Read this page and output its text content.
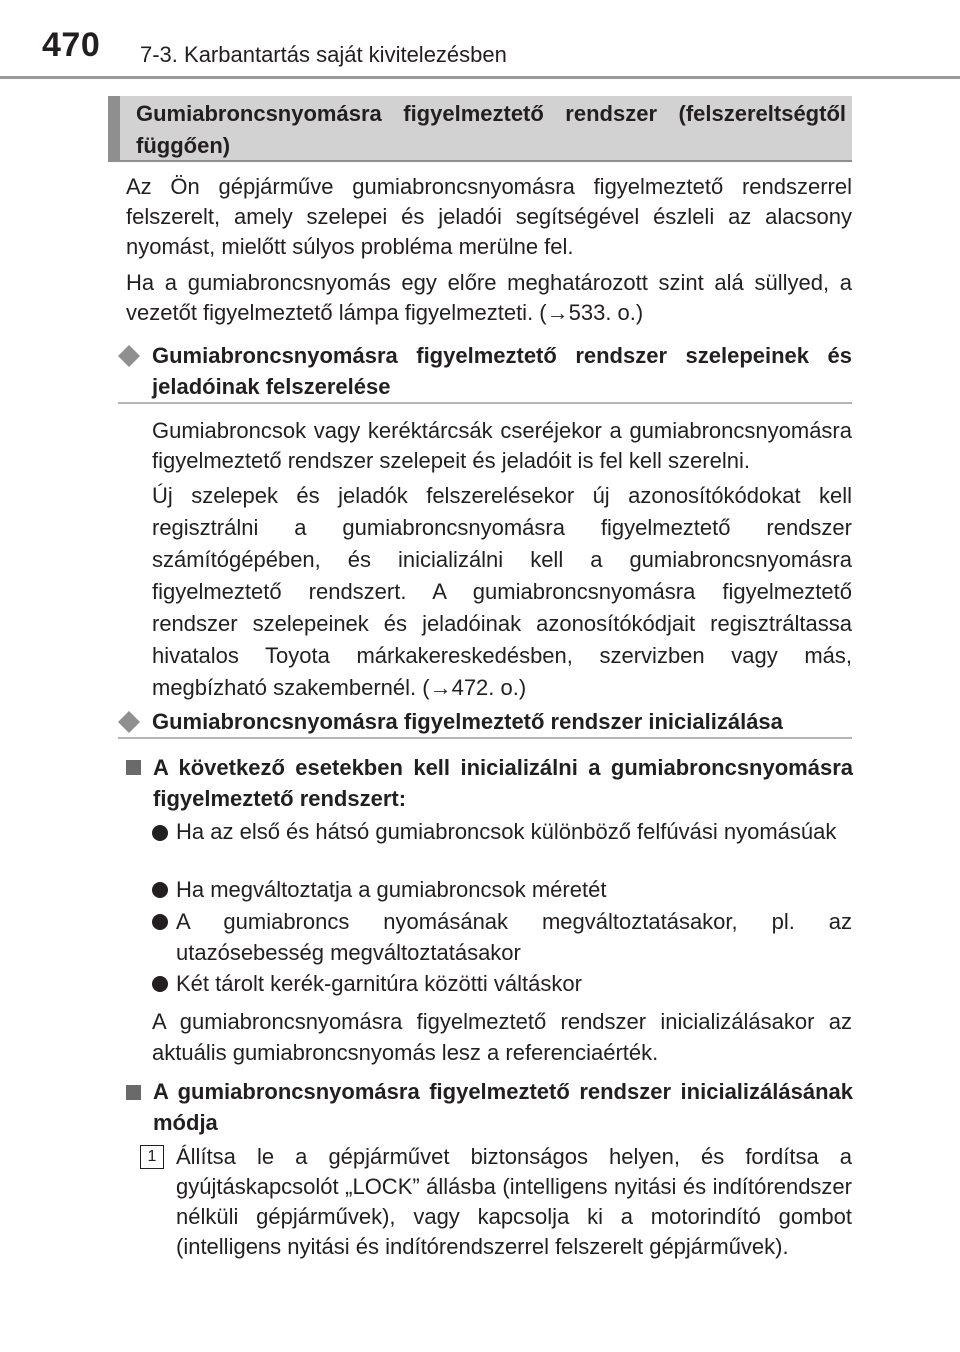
470 7-3. Karbantartás saját kivitelezésben
Gumiabroncsnyomásra figyelmeztető rendszer (felszereltségtől függően)

Az Ön gépjárműve gumiabroncsnyomásra figyelmeztető rendszerrel felszerelt, amely szelepei és jeladói segítségével észleli az alacsony nyomást, mielőtt súlyos probléma merülne fel.

Ha a gumiabroncsnyomás egy előre meghatározott szint alá süllyed, a vezetőt figyelmeztető lámpa figyelmezteti. (→533. o.)

Gumiabroncsnyomásra figyelmeztető rendszer szelepeinek és jeladóinak felszerelése

Gumiabroncsok vagy keréktárcsák cseréjekor a gumiabroncsnyomásra figyelmeztető rendszer szelepeit és jeladóit is fel kell szerelni.

Új szelepek és jeladók felszerelésekor új azonosítókódokat kell regisztrálni a gumiabroncsnyomásra figyelmeztető rendszer számítógépében, és inicializálni kell a gumiabroncsnyomásra figyelmeztető rendszert. A gumiabroncsnyomásra figyelmeztető rendszer szelepeinek és jeladóinak azonosítókódjait regisztráltassa hivatalos Toyota márkakereskedésben, szervizben vagy más, megbízható szakembernél. (→472. o.)

Gumiabroncsnyomásra figyelmeztető rendszer inicializálása
A következő esetekben kell inicializálni a gumiabroncsnyomásra figyelmeztető rendszert:
Ha az első és hátsó gumiabroncsok különböző felfúvási nyomásúak
Ha megváltoztatja a gumiabroncsok méretét
A gumiabroncs nyomásának megváltoztatásakor, pl. az utazósebesség megváltoztatásakor
Két tárolt kerék-garnitúra közötti váltáskor

A gumiabroncsnyomásra figyelmeztető rendszer inicializálásakor az aktuális gumiabroncsnyomás lesz a referenciaérték.

A gumiabroncsnyomásra figyelmeztető rendszer inicializálásának módja
1 Állítsa le a gépjárművet biztonságos helyen, és fordítsa a gyújtáskapcsolót „LOCK” állásba (intelligens nyitási és indítórendszer nélküli gépjárművek), vagy kapcsolja ki a motorindító gombot (intelligens nyitási és indítórendszerrel felszerelt gépjárművek).
